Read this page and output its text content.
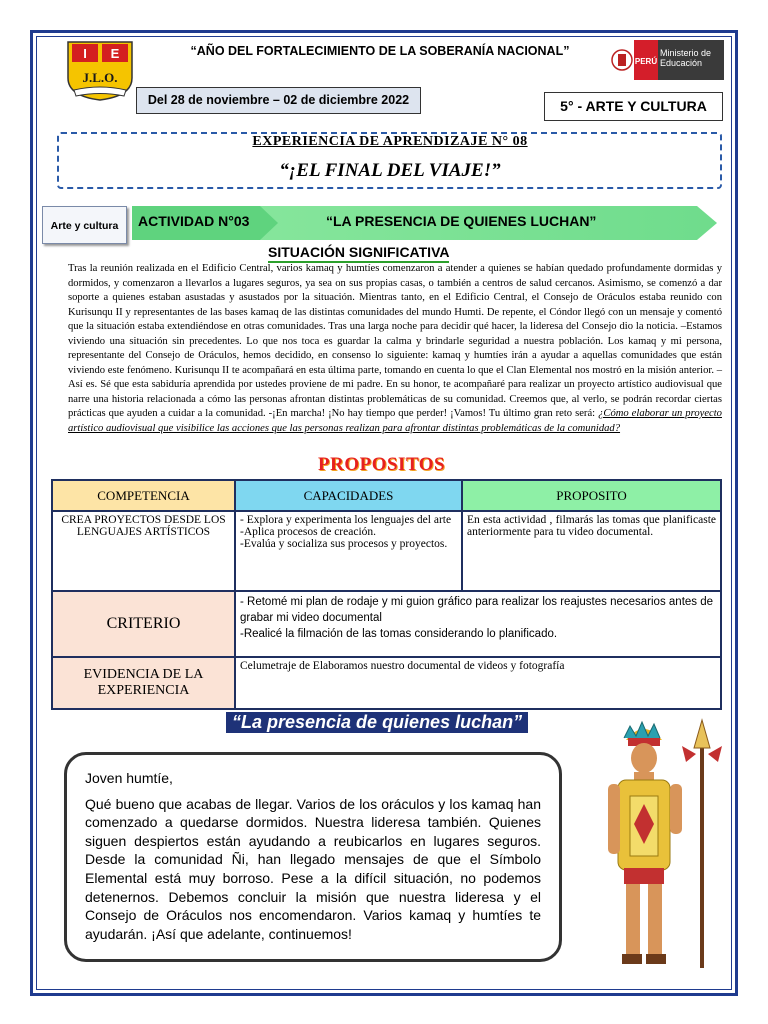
I E
J.L.O.
“AÑO DEL FORTALECIMIENTO DE LA SOBERANÍA NACIONAL”
PERÚ
Ministerio de Educación
Del 28 de noviembre – 02 de diciembre 2022	5° - ARTE Y CULTURA
EXPERIENCIA DE APRENDIZAJE N° 08
“¡EL FINAL DEL VIAJE!”
Arte y cultura	ACTIVIDAD N°03	“LA PRESENCIA DE QUIENES LUCHAN”
SITUACIÓN SIGNIFICATIVA
Tras la reunión realizada en el Edificio Central, varios kamaq y humtíes comenzaron a atender a quienes se habían quedado profundamente dormidas y dormidos, y comenzaron a llevarlos a lugares seguros, ya sea on sus propias casas, o también a centros de salud cercanos. Asimismo, se comenzó a dar soporte a quienes estaban asustadas y asustados por la situación. Mientras tanto, en el Edificio Central, el Consejo de Oráculos estaba reunido con Kurisunqu II y representantes de las bases kamaq de las distintas comunidades del mundo Humti. De repente, el Cóndor llegó con un mensaje y comentó que la situación estaba extendiéndose en otras comunidades. Tras una larga noche para decidir qué hacer, la lideresa del Consejo dio la noticia. –Estamos viviendo una situación sin precedentes. Lo que nos toca es guardar la calma y brindarle seguridad a nuestra población. Los kamaq y mi persona, representante del Consejo de Oráculos, hemos decidido, en consenso lo siguiente: kamaq y humtíes irán a ayudar a aquellas comunidades que están viviendo este fenómeno. Kurisunqu II te acompañará en esta última parte, tomando en cuenta lo que el Clan Elemental nos mostró en la misión anterior. –Así es. Sé que esta sabiduría aprendida por ustedes proviene de mi padre. En su honor, te acompañaré para realizar un proyecto artístico audiovisual que narre una historia relacionada a cómo las personas afrontan distintas problemáticas de su comunidad. Creemos que, al verlo, se podrán recordar ciertas prácticas que ayuden a cuidar a la comunidad. -¡En marcha! ¡No hay tiempo que perder! ¡Vamos! Tu último gran reto será: ¿Cómo elaborar un proyecto artístico audiovisual que visibilice las acciones que las personas realizan para afrontar distintas problemáticas de la comunidad?
PROPOSITOS
COMPETENCIA	CAPACIDADES	PROPOSITO
CREA PROYECTOS DESDE LOS LENGUAJES ARTÍSTICOS	- Explora y experimenta los lenguajes del arte
-Aplica procesos de creación.
-Evalúa y socializa sus procesos y proyectos.	En esta actividad , filmarás las tomas que planificaste anteriormente para tu video documental.
CRITERIO	- Retomé mi plan de rodaje y mi guion gráfico para realizar los reajustes necesarios antes de grabar mi video documental
-Realicé la filmación de las tomas considerando lo planificado.	

EVIDENCIA DE LA EXPERIENCIA	Celumetraje de Elaboramos nuestro documental de videos y fotografía	
“La presencia de quienes luchan”
Joven humtíe,
Qué bueno que acabas de llegar. Varios de los oráculos y los kamaq han comenzado a quedarse dormidos. Nuestra lideresa también. Quienes siguen despiertos están ayudando a reubicarlos en lugares seguros. Desde la comunidad Ñi, han llegado mensajes de que el Símbolo Elemental está muy borroso. Pese a la difícil situación, no podemos detenernos. Debemos concluir la misión que nuestra lideresa y el Consejo de Oráculos nos encomendaron. Varios kamaq y humtíes te ayudarán. ¡Así que adelante, continuemos!
